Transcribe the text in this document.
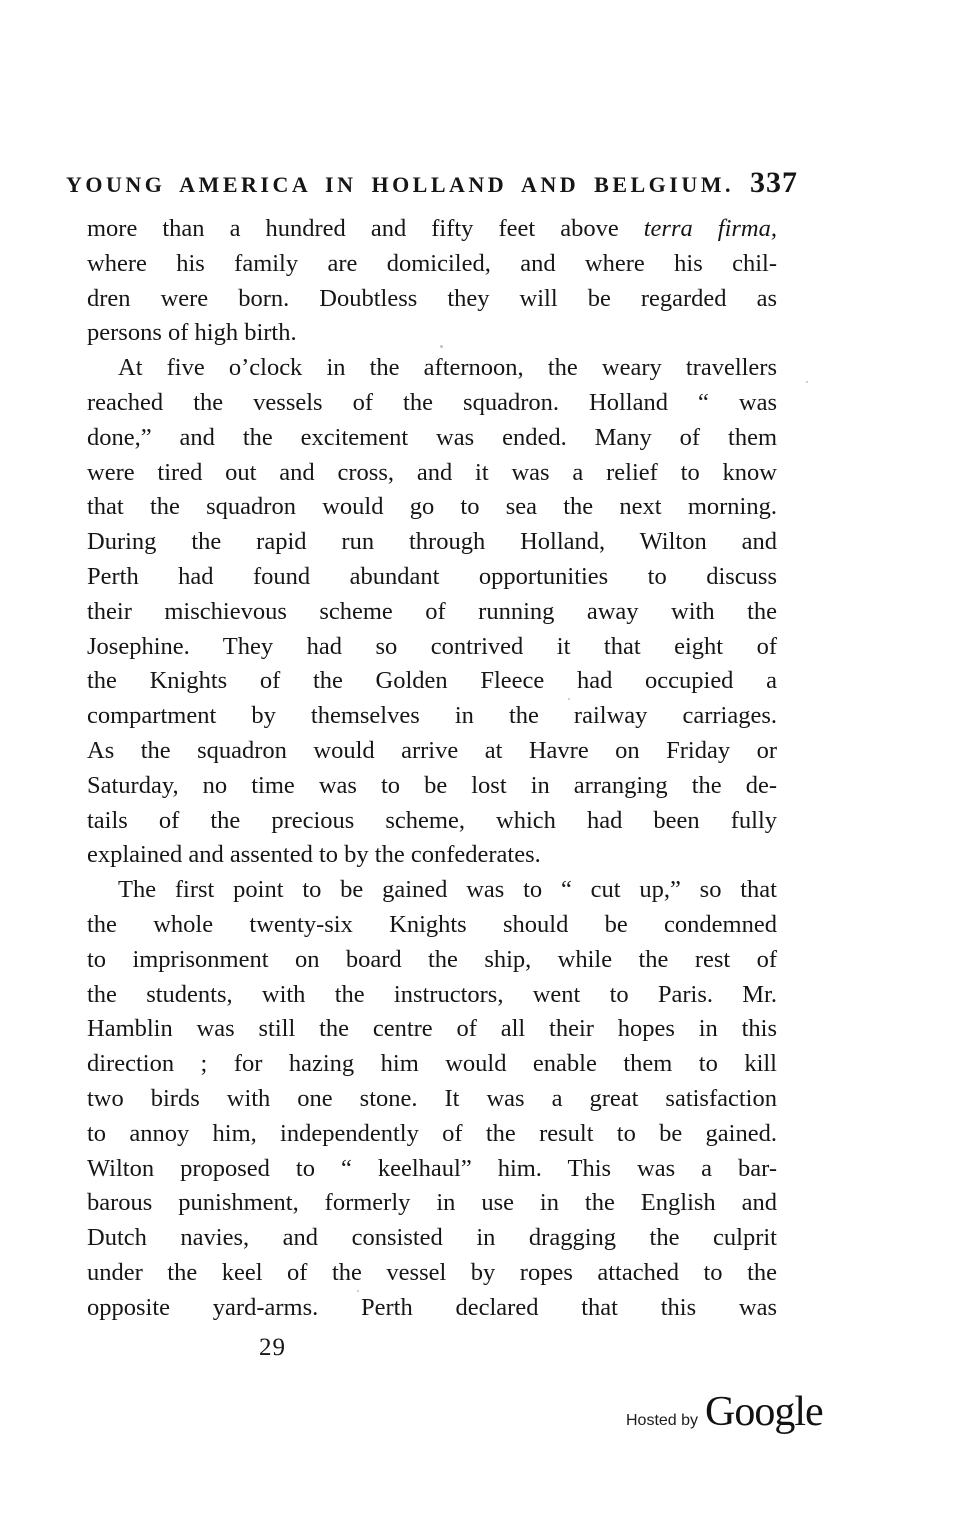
YOUNG AMERICA IN HOLLAND AND BELGIUM. 337
more than a hundred and fifty feet above terra firma,
where his family are domiciled, and where his chil-
dren were born. Doubtless they will be regarded as
persons of high birth.
At five o’clock in the afternoon, the weary travellers
reached the vessels of the squadron. Holland “ was
done,” and the excitement was ended. Many of them
were tired out and cross, and it was a relief to know
that the squadron would go to sea the next morning.
During the rapid run through Holland, Wilton and
Perth had found abundant opportunities to discuss
their mischievous scheme of running away with the
Josephine. They had so contrived it that eight of
the Knights of the Golden Fleece had occupied a
compartment by themselves in the railway carriages.
As the squadron would arrive at Havre on Friday or
Saturday, no time was to be lost in arranging the de-
tails of the precious scheme, which had been fully
explained and assented to by the confederates.
The first point to be gained was to “ cut up,” so that
the whole twenty-six Knights should be condemned
to imprisonment on board the ship, while the rest of
the students, with the instructors, went to Paris. Mr.
Hamblin was still the centre of all their hopes in this
direction ; for hazing him would enable them to kill
two birds with one stone. It was a great satisfaction
to annoy him, independently of the result to be gained.
Wilton proposed to “ keelhaul” him. This was a bar-
barous punishment, formerly in use in the English and
Dutch navies, and consisted in dragging the culprit
under the keel of the vessel by ropes attached to the
opposite yard-arms. Perth declared that this was
29
Hosted by Google
